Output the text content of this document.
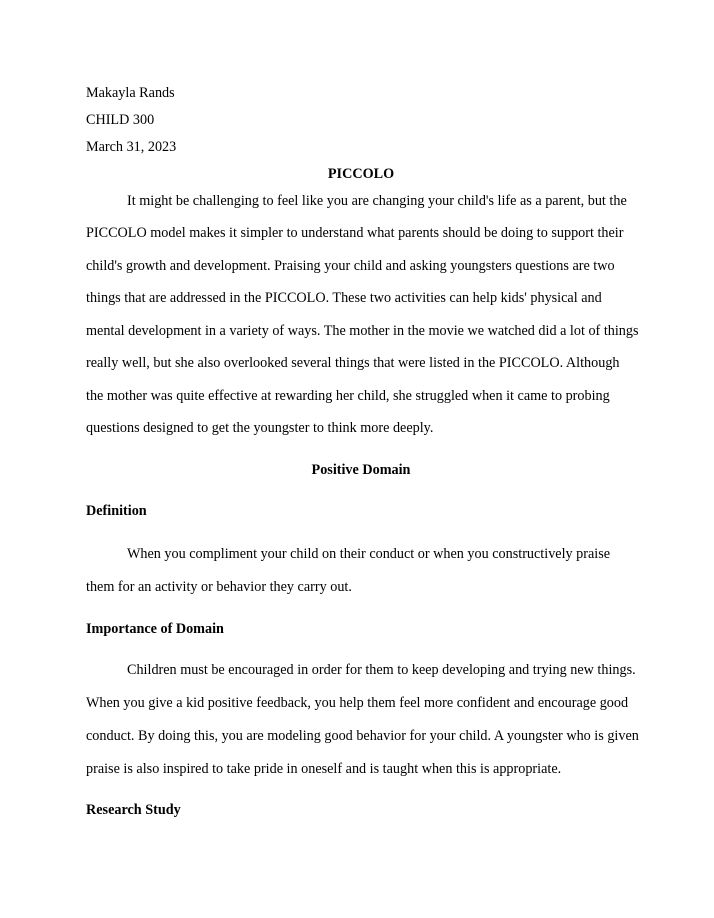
Makayla Rands
CHILD 300
March 31, 2023
PICCOLO
It might be challenging to feel like you are changing your child's life as a parent, but the
PICCOLO model makes it simpler to understand what parents should be doing to support their
child's growth and development. Praising your child and asking youngsters questions are two
things that are addressed in the PICCOLO. These two activities can help kids' physical and
mental development in a variety of ways. The mother in the movie we watched did a lot of things
really well, but she also overlooked several things that were listed in the PICCOLO. Although
the mother was quite effective at rewarding her child, she struggled when it came to probing
questions designed to get the youngster to think more deeply.
Positive Domain
Definition
When you compliment your child on their conduct or when you constructively praise
them for an activity or behavior they carry out.
Importance of Domain
Children must be encouraged in order for them to keep developing and trying new things.
When you give a kid positive feedback, you help them feel more confident and encourage good
conduct. By doing this, you are modeling good behavior for your child. A youngster who is given
praise is also inspired to take pride in oneself and is taught when this is appropriate.
Research Study
